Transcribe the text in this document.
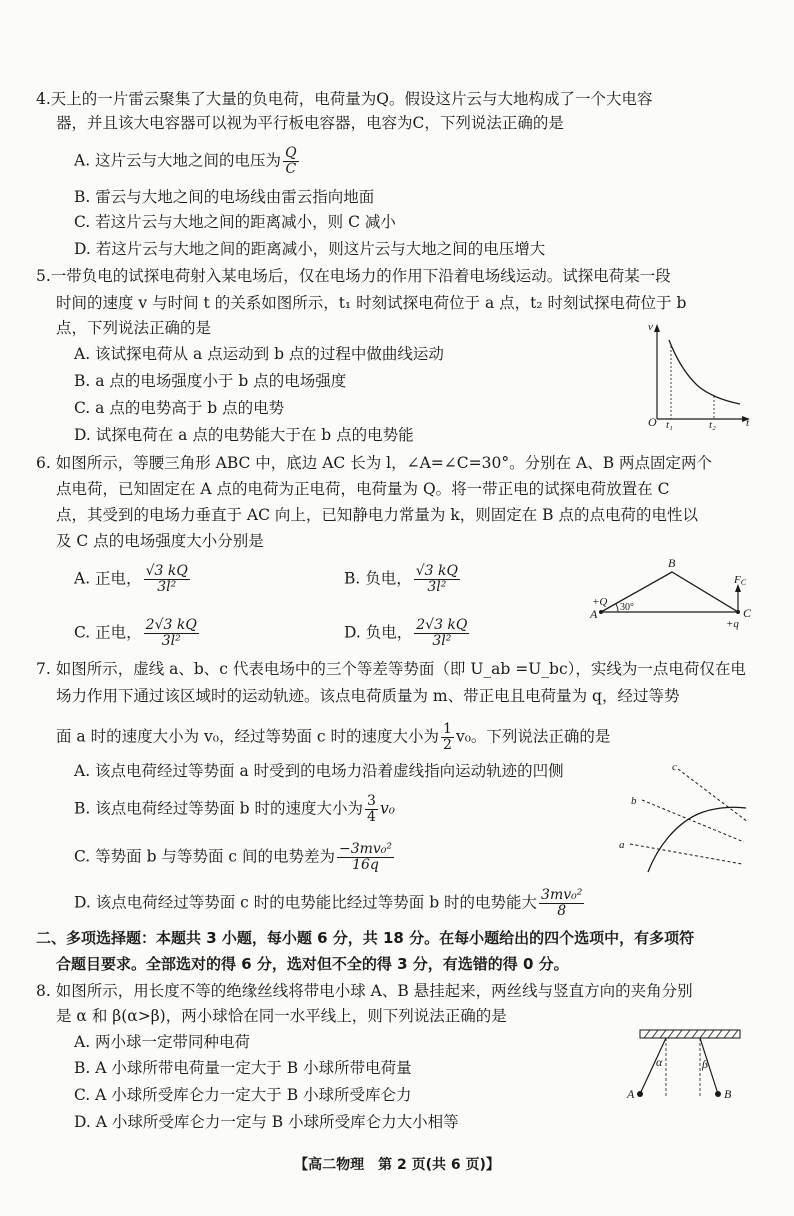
4.天上的一片雷云聚集了大量的负电荷，电荷量为Q。假设这片云与大地构成了一个大电容
器，并且该大电容器可以视为平行板电容器，电容为C，下列说法正确的是
A. 这片云与大地之间的电压为 $\frac{Q}{C}$
B. 雷云与大地之间的电场线由雷云指向地面
C. 若这片云与大地之间的距离减小，则 C 减小
D. 若这片云与大地之间的距离减小，则这片云与大地之间的电压增大
5.一带负电的试探电荷射入某电场后，仅在电场力的作用下沿着电场线运动。试探电荷某一段
时间的速度 v 与时间 t 的关系如图所示，t₁ 时刻试探电荷位于 a 点，t₂ 时刻试探电荷位于 b
点，下列说法正确的是
A. 该试探电荷从 a 点运动到 b 点的过程中做曲线运动
B. a 点的电场强度小于 b 点的电场强度
C. a 点的电势高于 b 点的电势
D. 试探电荷在 a 点的电势能大于在 b 点的电势能
v
O t₁	t₂	t
6. 如图所示，等腰三角形 ABC 中，底边 AC 长为 l，∠A=∠C=30°。分别在 A、B 两点固定两个
点电荷，已知固定在 A 点的电荷为正电荷，电荷量为 Q。将一带正电的试探电荷放置在 C
点，其受到的电场力垂直于 AC 向上，已知静电力常量为 k，则固定在 B 点的点电荷的电性以
及 C 点的电场强度大小分别是
A. 正电， $\frac{√3 kQ}{\text{3l²}}$	B. 负电， $\frac{√3 kQ}{\text{3l²}}$
C. 正电， $\frac{2√3 kQ}{\text{3l²}}$	D. 负电， $\frac{2√3 kQ}{\text{3l²}}$
B
A	C
+Q 30°
FC
+q
7. 如图所示，虚线 a、b、c 代表电场中的三个等差等势面（即 U_ab =U_bc），实线为一点电荷仅在电
场力作用下通过该区域时的运动轨迹。该点电荷质量为 m、带正电且电荷量为 q，经过等势
面 a 时的速度大小为 v₀，经过等势面 c 时的速度大小为 $\frac{1}{2} v_0$。下列说法正确的是
A. 该点电荷经过等势面 a 时受到的电场力沿着虚线指向运动轨迹的凹侧
B. 该点电荷经过等势面 b 时的速度大小为 $\frac{3}{4} v_0$
C. 等势面 b 与等势面 c 间的电势差为 $\frac{\text{−3mv₀²}}{16q}$
D. 该点电荷经过等势面 c 时的电势能比经过等势面 b 时的电势能大 $\frac{\text{3mv₀²}}{8}$
c
b
a
二、多项选择题：本题共 3 小题，每小题 6 分，共 18 分。在每小题给出的四个选项中，有多项符
合题目要求。全部选对的得 6 分，选对但不全的得 3 分，有选错的得 0 分。
8. 如图所示，用长度不等的绝缘丝线将带电小球 A、B 悬挂起来，两丝线与竖直方向的夹角分别
是 α 和 β(α>β)，两小球恰在同一水平线上，则下列说法正确的是
A. 两小球一定带同种电荷
B. A 小球所带电荷量一定大于 B 小球所带电荷量
C. A 小球所受库仑力一定大于 B 小球所受库仑力
D. A 小球所受库仑力一定与 B 小球所受库仑力大小相等
α	β
A	B
【高二物理　第 2 页(共 6 页)】
